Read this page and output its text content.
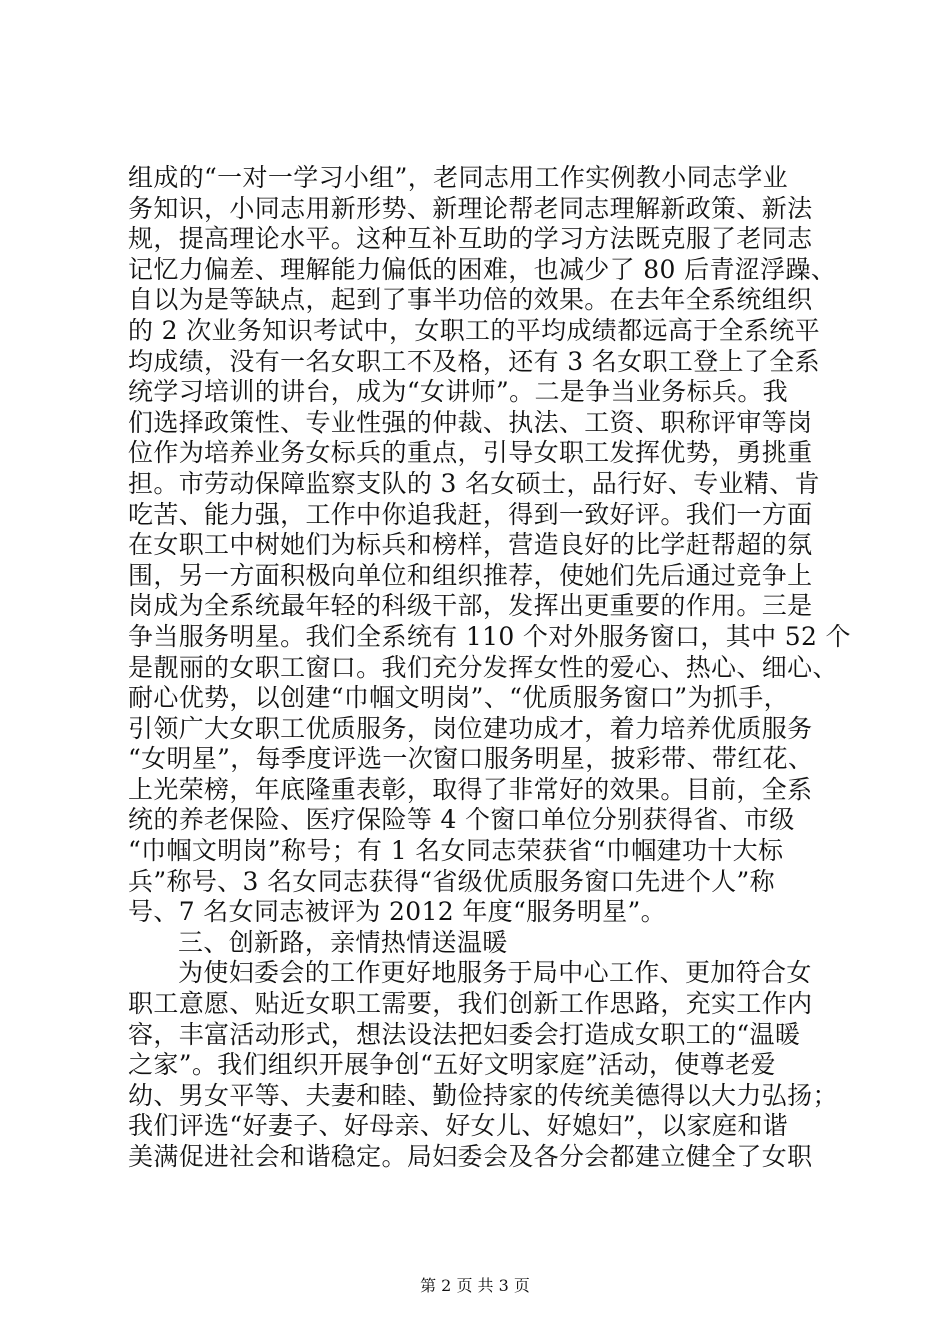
组成的“一对一学习小组”，老同志用工作实例教小同志学业
务知识，小同志用新形势、新理论帮老同志理解新政策、新法
规，提高理论水平。这种互补互助的学习方法既克服了老同志
记忆力偏差、理解能力偏低的困难，也减少了 80 后青涩浮躁、
自以为是等缺点，起到了事半功倍的效果。在去年全系统组织
的 2 次业务知识考试中，女职工的平均成绩都远高于全系统平
均成绩，没有一名女职工不及格，还有 3 名女职工登上了全系
统学习培训的讲台，成为“女讲师”。二是争当业务标兵。我
们选择政策性、专业性强的仲裁、执法、工资、职称评审等岗
位作为培养业务女标兵的重点，引导女职工发挥优势，勇挑重
担。市劳动保障监察支队的 3 名女硕士，品行好、专业精、肯
吃苦、能力强，工作中你追我赶，得到一致好评。我们一方面
在女职工中树她们为标兵和榜样，营造良好的比学赶帮超的氛
围，另一方面积极向单位和组织推荐，使她们先后通过竞争上
岗成为全系统最年轻的科级干部，发挥出更重要的作用。三是
争当服务明星。我们全系统有 110 个对外服务窗口，其中 52 个
是靓丽的女职工窗口。我们充分发挥女性的爱心、热心、细心、
耐心优势，以创建“巾帼文明岗”、“优质服务窗口”为抓手，
引领广大女职工优质服务，岗位建功成才，着力培养优质服务
“女明星”，每季度评选一次窗口服务明星，披彩带、带红花、
上光荣榜，年底隆重表彰，取得了非常好的效果。目前，全系
统的养老保险、医疗保险等 4 个窗口单位分别获得省、市级
“巾帼文明岗”称号；有 1 名女同志荣获省“巾帼建功十大标
兵”称号、3 名女同志获得“省级优质服务窗口先进个人”称
号、7 名女同志被评为 2012 年度“服务明星”。
三、创新路，亲情热情送温暖
为使妇委会的工作更好地服务于局中心工作、更加符合女
职工意愿、贴近女职工需要，我们创新工作思路，充实工作内
容，丰富活动形式，想法设法把妇委会打造成女职工的“温暖
之家”。我们组织开展争创“五好文明家庭”活动，使尊老爱
幼、男女平等、夫妻和睦、勤俭持家的传统美德得以大力弘扬；
我们评选“好妻子、好母亲、好女儿、好媳妇”，以家庭和谐
美满促进社会和谐稳定。局妇委会及各分会都建立健全了女职
第 2 页 共 3 页
